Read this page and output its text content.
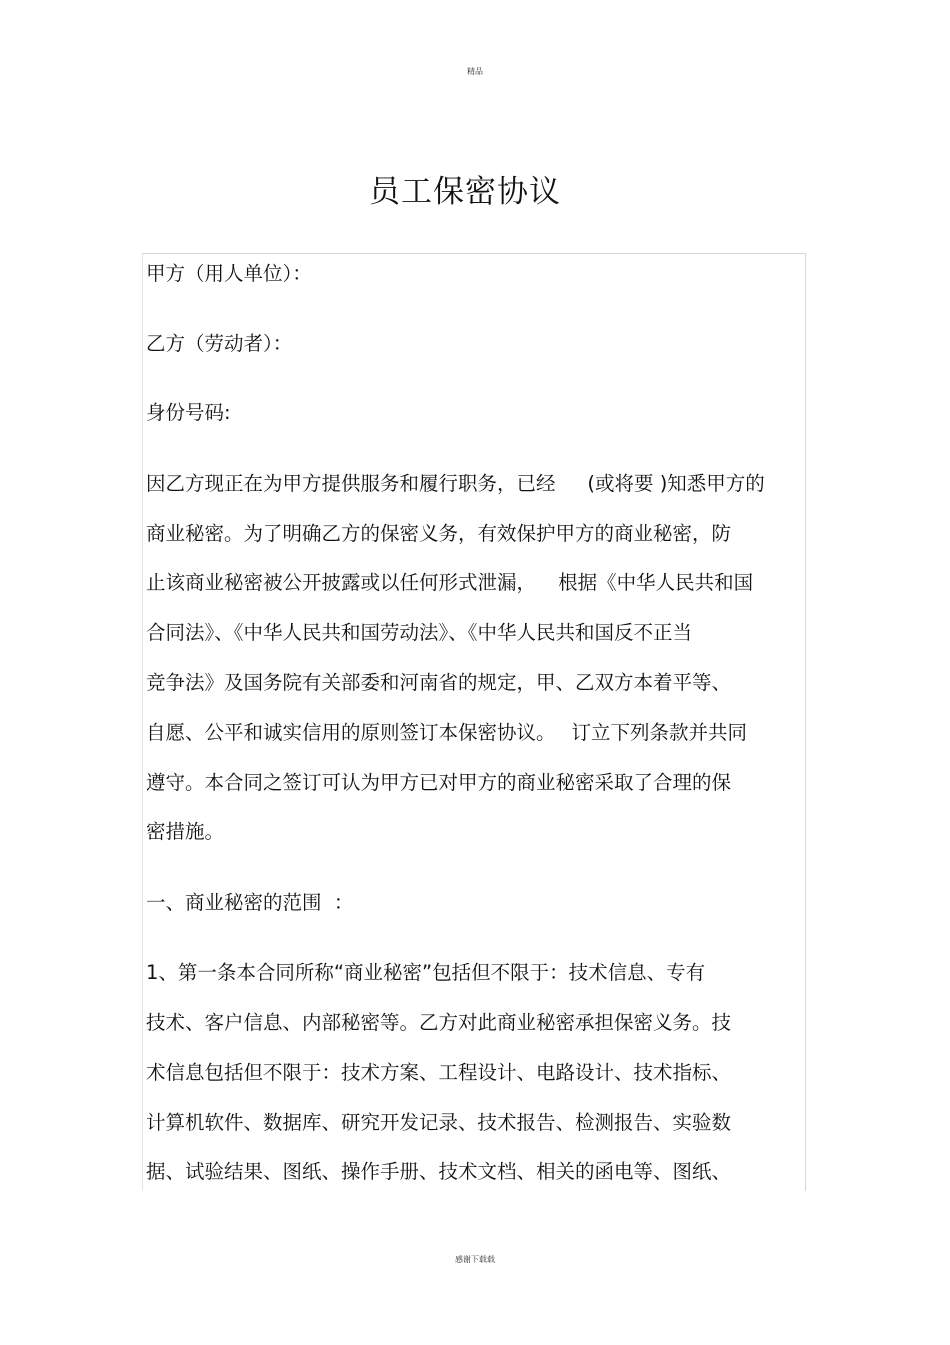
精品
员工保密协议
甲方（用人单位）：
乙方（劳动者）：
身份号码:
因乙方现正在为甲方提供服务和履行职务，已经　  (或将要 )知悉甲方的
商业秘密。为了明确乙方的保密义务，有效保护甲方的商业秘密，防
止该商业秘密被公开披露或以任何形式泄漏，　  根据《中华人民共和国
合同法》、《中华人民共和国劳动法》、《中华人民共和国反不正当
竞争法》及国务院有关部委和河南省的规定，甲、乙双方本着平等、
自愿、公平和诚实信用的原则签订本保密协议。　 订立下列条款并共同
遵守。本合同之签订可认为甲方已对甲方的商业秘密采取了合理的保
密措施。
一、商业秘密的范围  ：
1、第一条本合同所称“商业秘密”包括但不限于：技术信息、专有
技术、客户信息、内部秘密等。乙方对此商业秘密承担保密义务。技
术信息包括但不限于：技术方案、工程设计、电路设计、技术指标、
计算机软件、数据库、研究开发记录、技术报告、检测报告、实验数
据、试验结果、图纸、操作手册、技术文档、相关的函电等、图纸、
感谢下载载
